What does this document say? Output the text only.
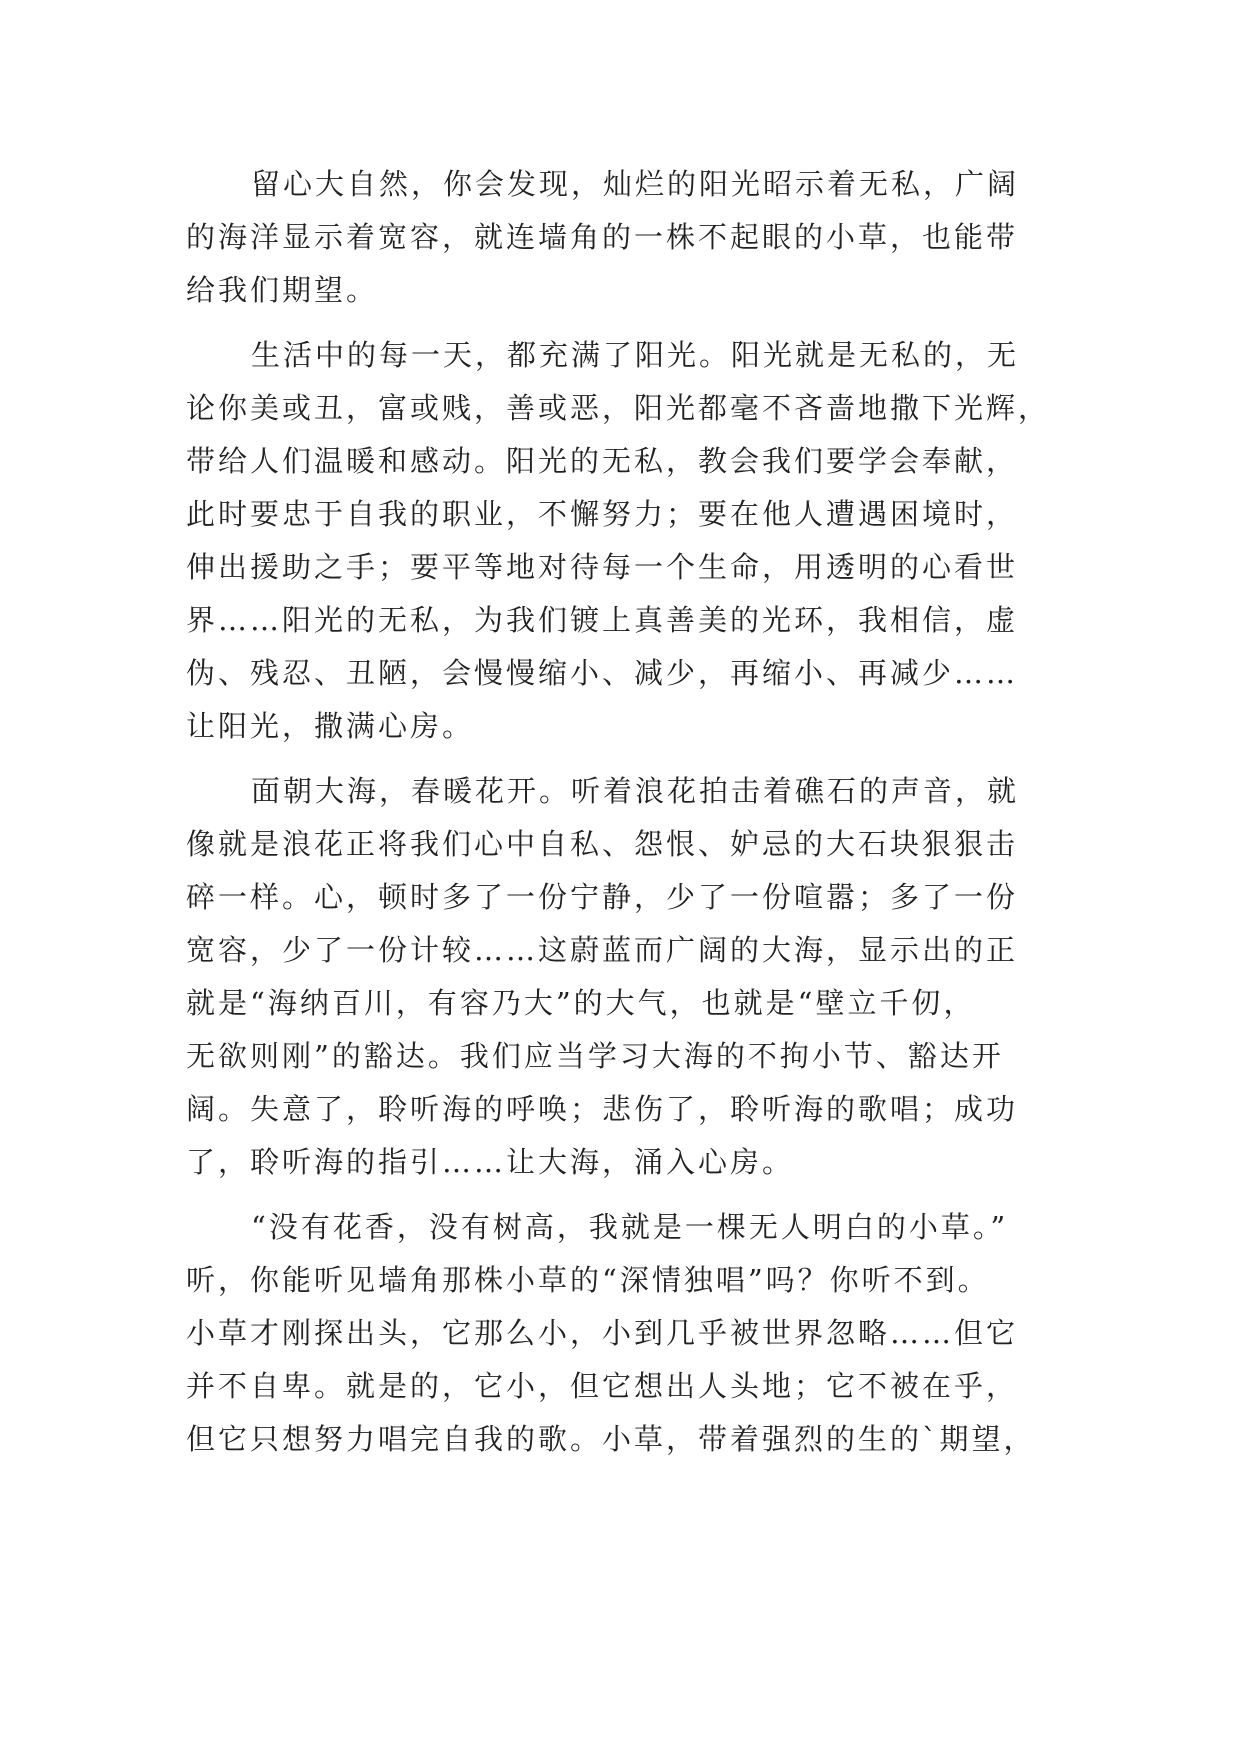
留心大自然，你会发现，灿烂的阳光昭示着无私，广阔
的海洋显示着宽容，就连墙角的一株不起眼的小草，也能带
给我们期望。

生活中的每一天，都充满了阳光。阳光就是无私的，无
论你美或丑，富或贱，善或恶，阳光都毫不吝啬地撒下光辉，
带给人们温暖和感动。阳光的无私，教会我们要学会奉献，
此时要忠于自我的职业，不懈努力；要在他人遭遇困境时，
伸出援助之手；要平等地对待每一个生命，用透明的心看世
界……阳光的无私，为我们镀上真善美的光环，我相信，虚
伪、残忍、丑陋，会慢慢缩小、减少，再缩小、再减少……
让阳光，撒满心房。

面朝大海，春暖花开。听着浪花拍击着礁石的声音，就
像就是浪花正将我们心中自私、怨恨、妒忌的大石块狠狠击
碎一样。心，顿时多了一份宁静，少了一份喧嚣；多了一份
宽容，少了一份计较……这蔚蓝而广阔的大海，显示出的正
就是“海纳百川，有容乃大”的大气，也就是“壁立千仞，
无欲则刚”的豁达。我们应当学习大海的不拘小节、豁达开
阔。失意了，聆听海的呼唤；悲伤了，聆听海的歌唱；成功
了，聆听海的指引……让大海，涌入心房。

“没有花香，没有树高，我就是一棵无人明白的小草。”
听，你能听见墙角那株小草的“深情独唱”吗？你听不到。
小草才刚探出头，它那么小，小到几乎被世界忽略……但它
并不自卑。就是的，它小，但它想出人头地；它不被在乎，
但它只想努力唱完自我的歌。小草，带着强烈的生的`期望，
